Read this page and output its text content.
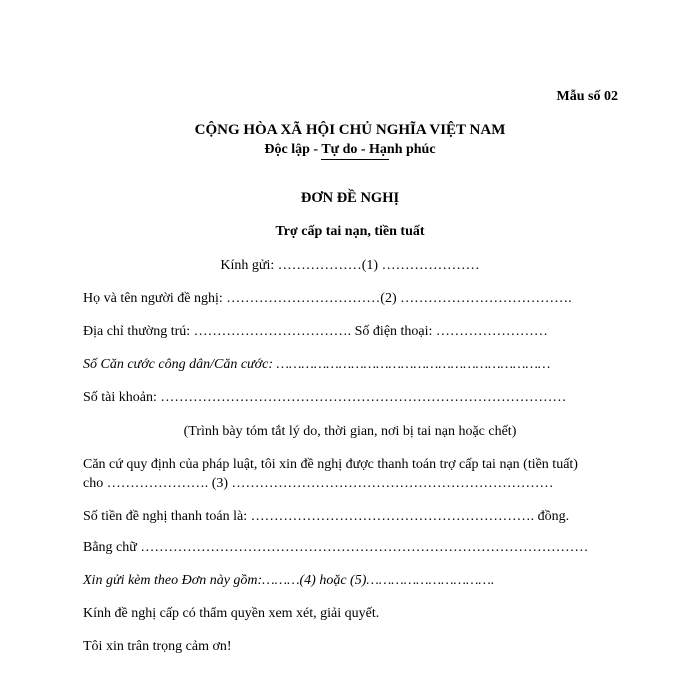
Mẫu số 02
CỘNG HÒA XÃ HỘI CHỦ NGHĨA VIỆT NAM
Độc lập - Tự do - Hạnh phúc
ĐƠN ĐỀ NGHỊ
Trợ cấp tai nạn, tiền tuất
Kính gửi: ………………(1) …………………
Họ và tên người đề nghị: ……………………………(2) ……………………………….
Địa chỉ thường trú: ……………………………. Số điện thoại: ……………………
Số Căn cước công dân/Căn cước: …………………………………………………………
Số tài khoản: ……………………………………………………………………………
(Trình bày tóm tắt lý do, thời gian, nơi bị tai nạn hoặc chết)
Căn cứ quy định của pháp luật, tôi xin đề nghị được thanh toán trợ cấp tai nạn (tiền tuất)
cho …………………. (3) ……………………………………………………………
Số tiền đề nghị thanh toán là: ……………………………………………………. đồng.
Bằng chữ ……………………………………………………………………………………
Xin gửi kèm theo Đơn này gồm:………(4) hoặc (5)………………………….
Kính đề nghị cấp có thẩm quyền xem xét, giải quyết.
Tôi xin trân trọng cảm ơn!
